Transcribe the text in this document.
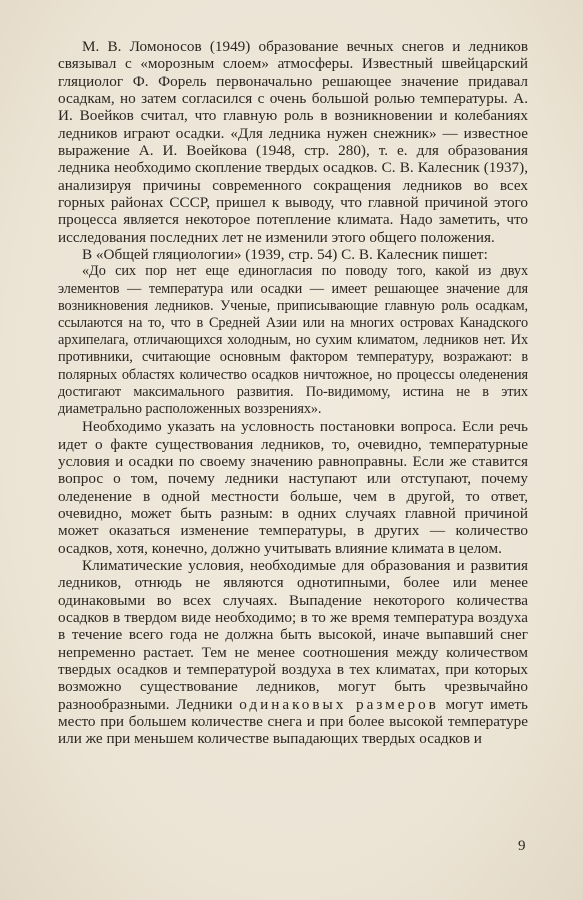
М. В. Ломоносов (1949) образование вечных снегов и ледников связывал с «морозным слоем» атмосферы. Известный швейцарский гляциолог Ф. Форель первоначально решающее значение придавал осадкам, но затем согласился с очень большой ролью температуры. А. И. Воейков считал, что главную роль в возникновении и колебаниях ледников играют осадки. «Для ледника нужен снежник» — известное выражение А. И. Воейкова (1948, стр. 280), т. е. для образования ледника необходимо скопление твердых осадков. С. В. Калесник (1937), анализируя причины современного сокращения ледников во всех горных районах СССР, пришел к выводу, что главной причиной этого процесса является некоторое потепление климата. Надо заметить, что исследования последних лет не изменили этого общего положения.

В «Общей гляциологии» (1939, стр. 54) С. В. Калесник пишет:

«До сих пор нет еще единогласия по поводу того, какой из двух элементов — температура или осадки — имеет решающее значение для возникновения ледников. Ученые, приписывающие главную роль осадкам, ссылаются на то, что в Средней Азии или на многих островах Канадского архипелага, отличающихся холодным, но сухим климатом, ледников нет. Их противники, считающие основным фактором температуру, возражают: в полярных областях количество осадков ничтожное, но процессы оледенения достигают максимального развития. По-видимому, истина не в этих диаметрально расположенных воззрениях».

Необходимо указать на условность постановки вопроса. Если речь идет о факте существования ледников, то, очевидно, температурные условия и осадки по своему значению равноправны. Если же ставится вопрос о том, почему ледники наступают или отступают, почему оледенение в одной местности больше, чем в другой, то ответ, очевидно, может быть разным: в одних случаях главной причиной может оказаться изменение температуры, в других — количество осадков, хотя, конечно, должно учитывать влияние климата в целом.

Климатические условия, необходимые для образования и развития ледников, отнюдь не являются однотипными, более или менее одинаковыми во всех случаях. Выпадение некоторого количества осадков в твердом виде необходимо; в то же время температура воздуха в течение всего года не должна быть высокой, иначе выпавший снег непременно растает. Тем не менее соотношения между количеством твердых осадков и температурой воздуха в тех климатах, при которых возможно существование ледников, могут быть чрезвычайно разнообразными. Ледники одинаковых размеров могут иметь место при большем количестве снега и при более высокой температуре или же при меньшем количестве выпадающих твердых осадков и

9
